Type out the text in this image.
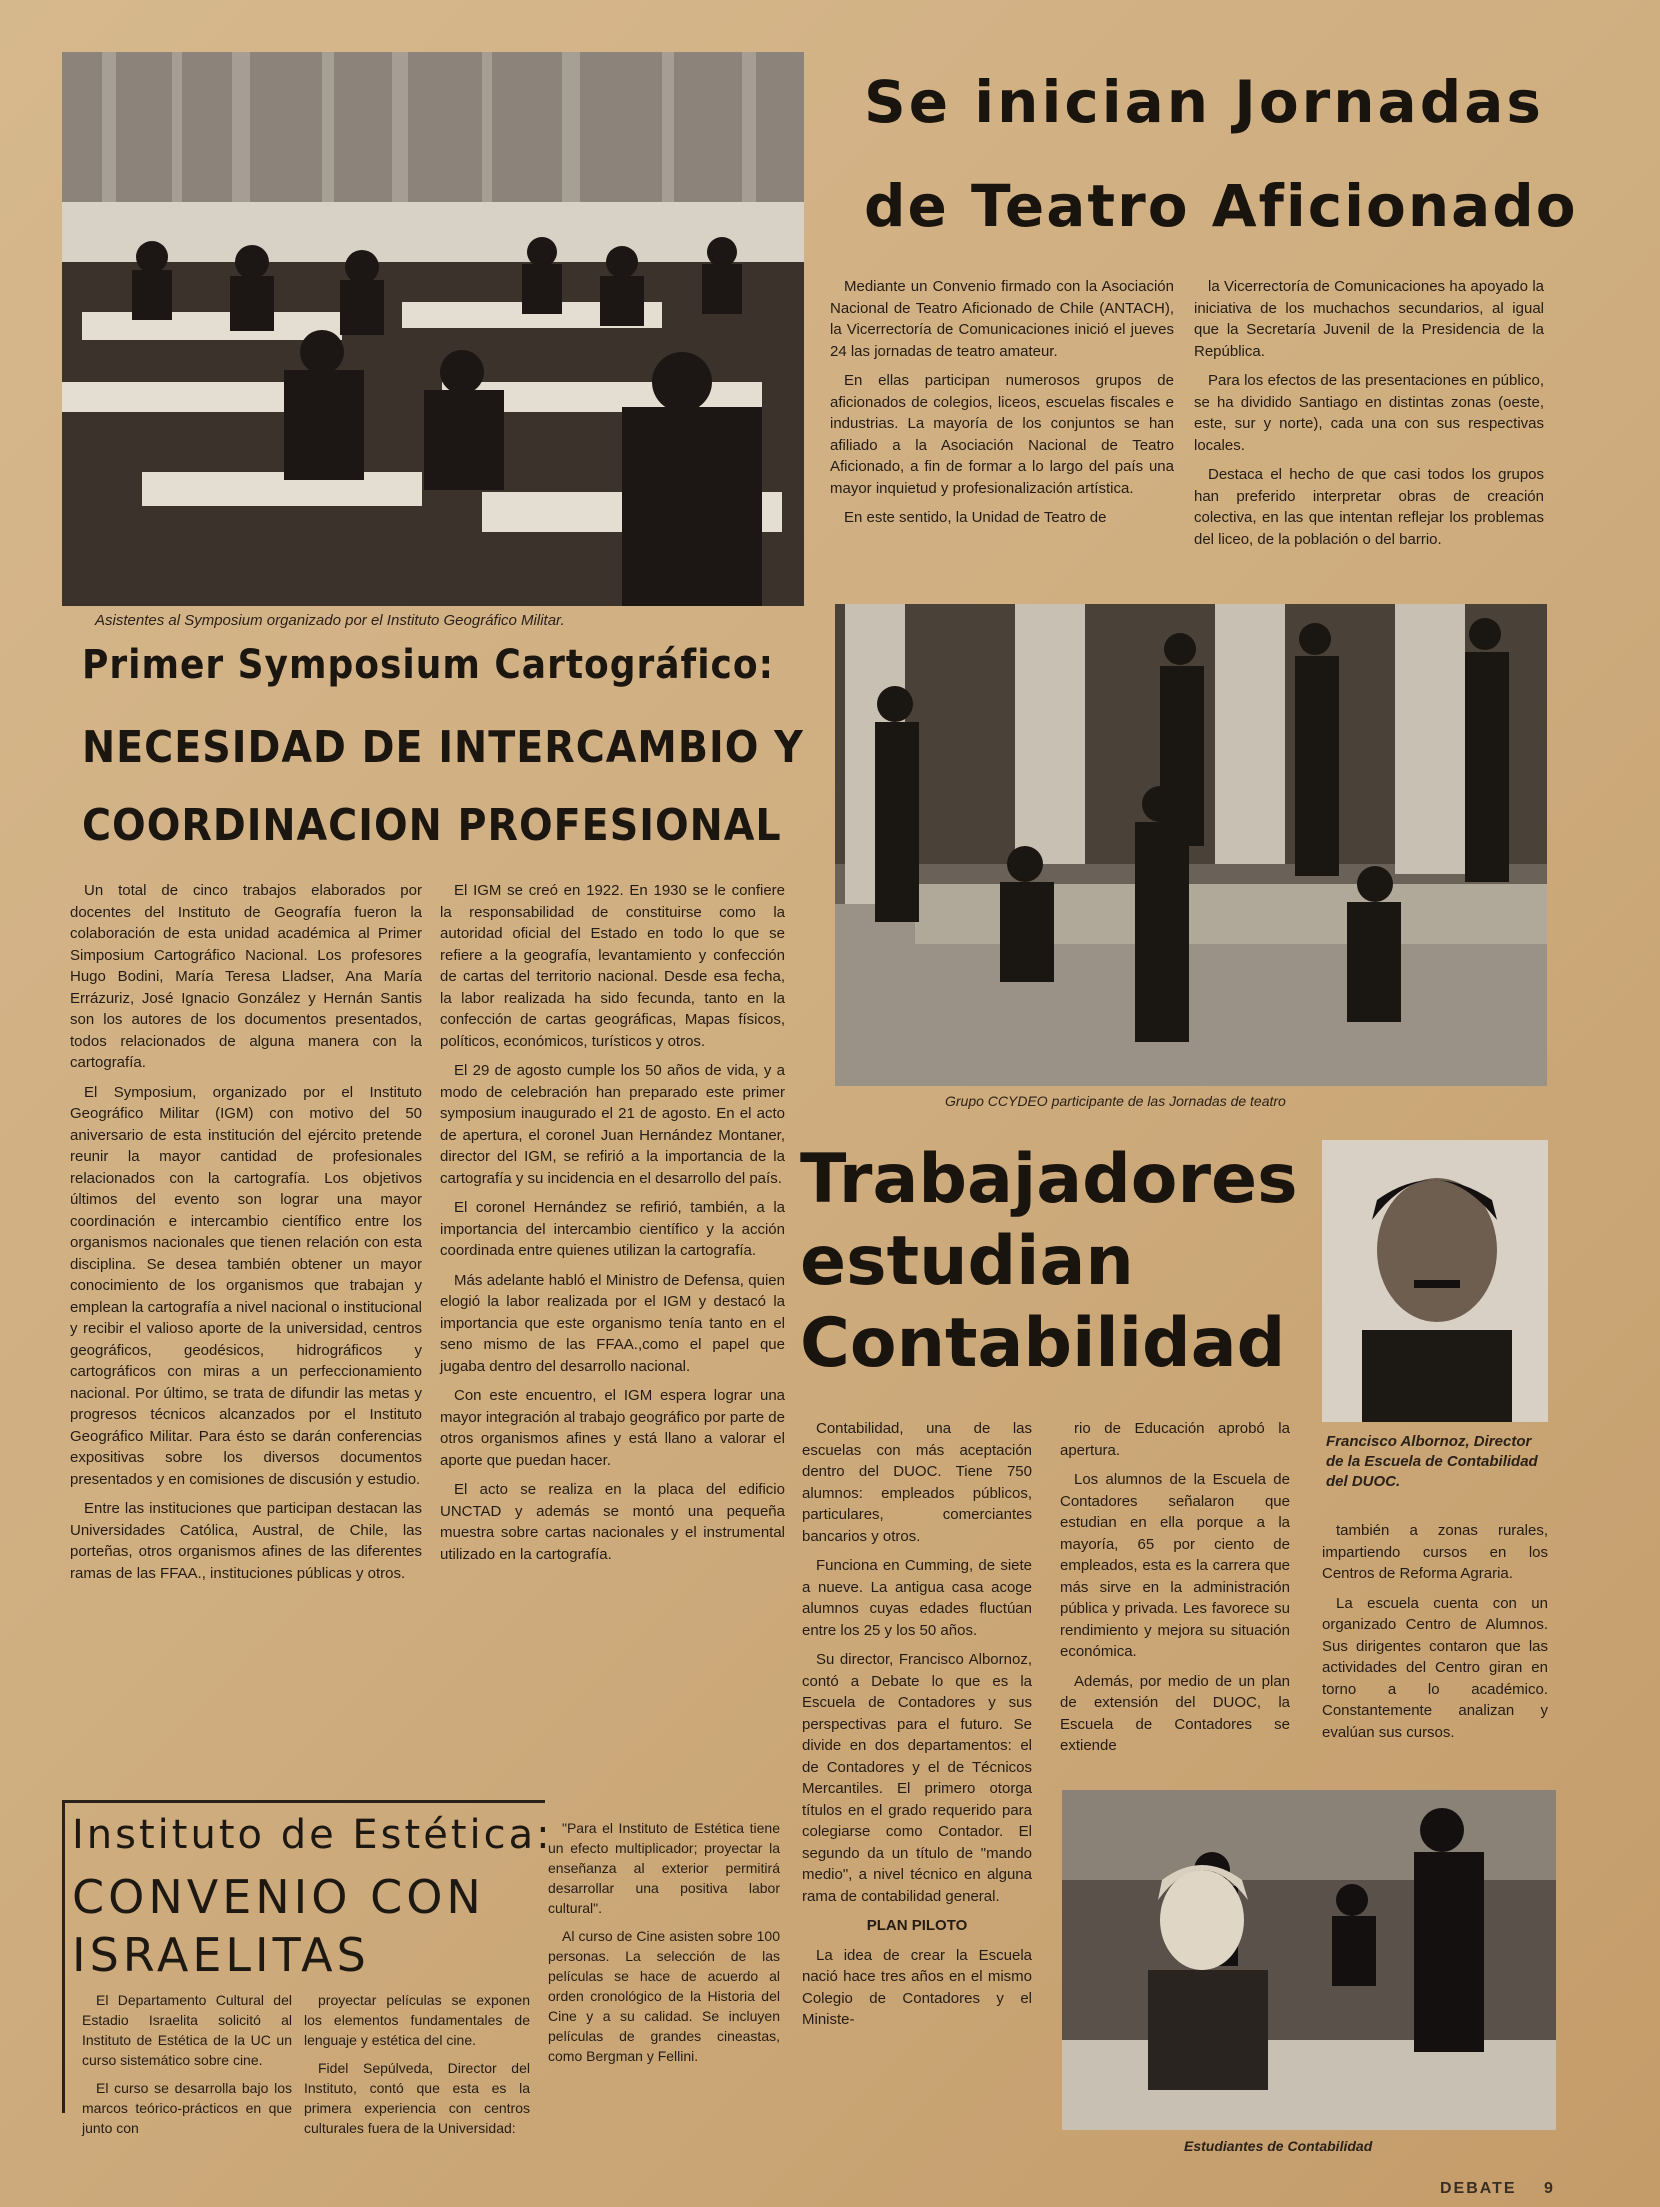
Asistentes al Symposium organizado por el Instituto Geográfico Militar.
Se inician Jornadas
de Teatro Aficionado

Mediante un Convenio firmado con la Asociación Nacional de Teatro Aficionado de Chile (ANTACH), la Vicerrectoría de Comunicaciones inició el jueves 24 las jornadas de teatro amateur.

En ellas participan numerosos grupos de aficionados de colegios, liceos, escuelas fiscales e industrias. La mayoría de los conjuntos se han afiliado a la Asociación Nacional de Teatro Aficionado, a fin de formar a lo largo del país una mayor inquietud y profesionalización artística.

En este sentido, la Unidad de Teatro de

la Vicerrectoría de Comunicaciones ha apoyado la iniciativa de los muchachos secundarios, al igual que la Secretaría Juvenil de la Presidencia de la República.

Para los efectos de las presentaciones en público, se ha dividido Santiago en distintas zonas (oeste, este, sur y norte), cada una con sus respectivas locales.

Destaca el hecho de que casi todos los grupos han preferido interpretar obras de creación colectiva, en las que intentan reflejar los problemas del liceo, de la población o del barrio.

Grupo CCYDEO participante de las Jornadas de teatro
Primer Symposium Cartográfico:
NECESIDAD DE INTERCAMBIO Y
COORDINACION PROFESIONAL

Un total de cinco trabajos elaborados por docentes del Instituto de Geografía fueron la colaboración de esta unidad académica al Primer Simposium Cartográfico Nacional. Los profesores Hugo Bodini, María Teresa Lladser, Ana María Errázuriz, José Ignacio González y Hernán Santis son los autores de los documentos presentados, todos relacionados de alguna manera con la cartografía.

El Symposium, organizado por el Instituto Geográfico Militar (IGM) con motivo del 50 aniversario de esta institución del ejército pretende reunir la mayor cantidad de profesionales relacionados con la cartografía. Los objetivos últimos del evento son lograr una mayor coordinación e intercambio científico entre los organismos nacionales que tienen relación con esta disciplina. Se desea también obtener un mayor conocimiento de los organismos que trabajan y emplean la cartografía a nivel nacional o institucional y recibir el valioso aporte de la universidad, centros geográficos, geodésicos, hidrográficos y cartográficos con miras a un perfeccionamiento nacional. Por último, se trata de difundir las metas y progresos técnicos alcanzados por el Instituto Geográfico Militar. Para ésto se darán conferencias expositivas sobre los diversos documentos presentados y en comisiones de discusión y estudio.

Entre las instituciones que participan destacan las Universidades Católica, Austral, de Chile, las porteñas, otros organismos afines de las diferentes ramas de las FFAA., instituciones públicas y otros.

El IGM se creó en 1922. En 1930 se le confiere la responsabilidad de constituirse como la autoridad oficial del Estado en todo lo que se refiere a la geografía, levantamiento y confección de cartas del territorio nacional. Desde esa fecha, la labor realizada ha sido fecunda, tanto en la confección de cartas geográficas, Mapas físicos, políticos, económicos, turísticos y otros.

El 29 de agosto cumple los 50 años de vida, y a modo de celebración han preparado este primer symposium inaugurado el 21 de agosto. En el acto de apertura, el coronel Juan Hernández Montaner, director del IGM, se refirió a la importancia de la cartografía y su incidencia en el desarrollo del país.

El coronel Hernández se refirió, también, a la importancia del intercambio científico y la acción coordinada entre quienes utilizan la cartografía.

Más adelante habló el Ministro de Defensa, quien elogió la labor realizada por el IGM y destacó la importancia que este organismo tenía tanto en el seno mismo de las FFAA.,como el papel que jugaba dentro del desarrollo nacional.

Con este encuentro, el IGM espera lograr una mayor integración al trabajo geográfico por parte de otros organismos afines y está llano a valorar el aporte que puedan hacer.

El acto se realiza en la placa del edificio UNCTAD y además se montó una pequeña muestra sobre cartas nacionales y el instrumental utilizado en la cartografía.

Trabajadores
estudian
Contabilidad
Francisco Albornoz, Director de la Escuela de Contabilidad del DUOC.

Contabilidad, una de las escuelas con más aceptación dentro del DUOC. Tiene 750 alumnos: empleados públicos, particulares, comerciantes bancarios y otros.

Funciona en Cumming, de siete a nueve. La antigua casa acoge alumnos cuyas edades fluctúan entre los 25 y los 50 años.

Su director, Francisco Albornoz, contó a Debate lo que es la Escuela de Contadores y sus perspectivas para el futuro. Se divide en dos departamentos: el de Contadores y el de Técnicos Mercantiles. El primero otorga títulos en el grado requerido para colegiarse como Contador. El segundo da un título de "mando medio", a nivel técnico en alguna rama de contabilidad general.

PLAN PILOTO

La idea de crear la Escuela nació hace tres años en el mismo Colegio de Contadores y el Ministe-

rio de Educación aprobó la apertura.

Los alumnos de la Escuela de Contadores señalaron que estudian en ella porque a la mayoría, 65 por ciento de empleados, esta es la carrera que más sirve en la administración pública y privada. Les favorece su rendimiento y mejora su situación económica.

Además, por medio de un plan de extensión del DUOC, la Escuela de Contadores se extiende

también a zonas rurales, impartiendo cursos en los Centros de Reforma Agraria.

La escuela cuenta con un organizado Centro de Alumnos. Sus dirigentes contaron que las actividades del Centro giran en torno a lo académico. Constantemente analizan y evalúan sus cursos.

Estudiantes de Contabilidad
Instituto de Estética:
CONVENIO CON
ISRAELITAS

El Departamento Cultural del Estadio Israelita solicitó al Instituto de Estética de la UC un curso sistemático sobre cine.

El curso se desarrolla bajo los marcos teórico-prácticos en que junto con

proyectar películas se exponen los elementos fundamentales de lenguaje y estética del cine.

Fidel Sepúlveda, Director del Instituto, contó que esta es la primera experiencia con centros culturales fuera de la Universidad:

"Para el Instituto de Estética tiene un efecto multiplicador; proyectar la enseñanza al exterior permitirá desarrollar una positiva labor cultural".

Al curso de Cine asisten sobre 100 personas. La selección de las películas se hace de acuerdo al orden cronológico de la Historia del Cine y a su calidad. Se incluyen películas de grandes cineastas, como Bergman y Fellini.

DEBATE 9
